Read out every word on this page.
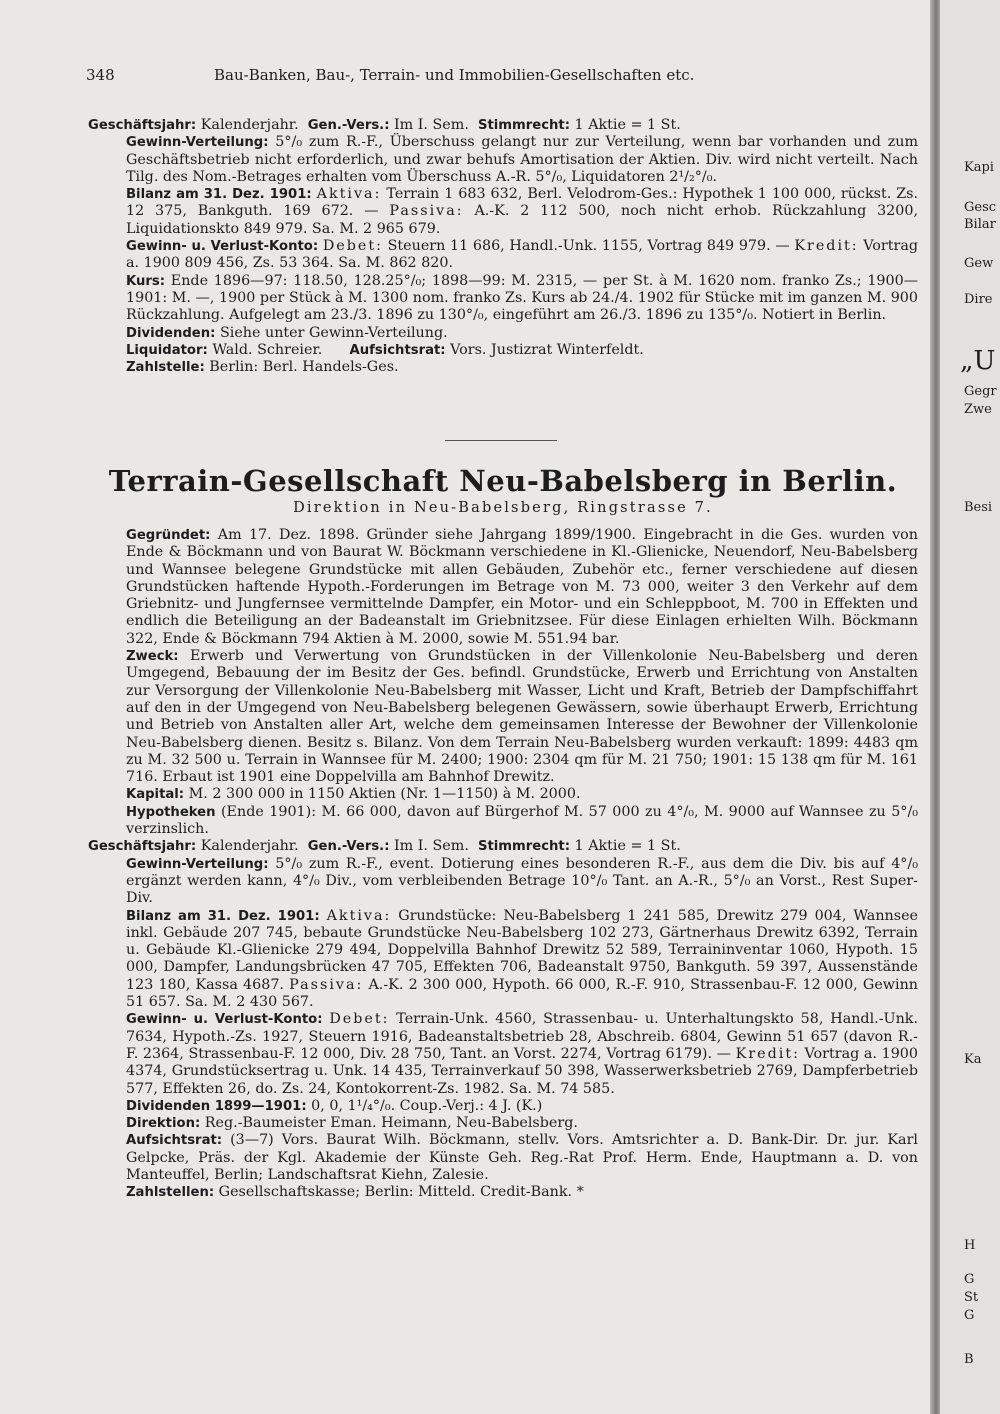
348	Bau-Banken, Bau-, Terrain- und Immobilien-Gesellschaften etc.

Geschäftsjahr: Kalenderjahr. Gen.-Vers.: Im I. Sem. Stimmrecht: 1 Aktie = 1 St.

Gewinn-Verteilung: 5°/₀ zum R.-F., Überschuss gelangt nur zur Verteilung, wenn bar vorhanden und zum Geschäftsbetrieb nicht erforderlich, und zwar behufs Amortisation der Aktien. Div. wird nicht verteilt. Nach Tilg. des Nom.-Betrages erhalten vom Überschuss A.-R. 5°/₀, Liquidatoren 2¹/₂°/₀.

Bilanz am 31. Dez. 1901: Aktiva: Terrain 1 683 632, Berl. Velodrom-Ges.: Hypothek 1 100 000, rückst. Zs. 12 375, Bankguth. 169 672. — Passiva: A.-K. 2 112 500, noch nicht erhob. Rückzahlung 3200, Liquidationskto 849 979. Sa. M. 2 965 679.

Gewinn- u. Verlust-Konto: Debet: Steuern 11 686, Handl.-Unk. 1155, Vortrag 849 979. — Kredit: Vortrag a. 1900 809 456, Zs. 53 364. Sa. M. 862 820.

Kurs: Ende 1896—97: 118.50, 128.25°/₀; 1898—99: M. 2315, — per St. à M. 1620 nom. franko Zs.; 1900—1901: M. —, 1900 per Stück à M. 1300 nom. franko Zs. Kurs ab 24./4. 1902 für Stücke mit im ganzen M. 900 Rückzahlung. Aufgelegt am 23./3. 1896 zu 130°/₀, eingeführt am 26./3. 1896 zu 135°/₀. Notiert in Berlin.

Dividenden: Siehe unter Gewinn-Verteilung.

Liquidator: Wald. Schreier. Aufsichtsrat: Vors. Justizrat Winterfeldt.

Zahlstelle: Berlin: Berl. Handels-Ges.

Terrain-Gesellschaft Neu-Babelsberg in Berlin.
Direktion in Neu-Babelsberg, Ringstrasse 7.

Gegründet: Am 17. Dez. 1898. Gründer siehe Jahrgang 1899/1900. Eingebracht in die Ges. wurden von Ende & Böckmann und von Baurat W. Böckmann verschiedene in Kl.-Glienicke, Neuendorf, Neu-Babelsberg und Wannsee belegene Grundstücke mit allen Gebäuden, Zubehör etc., ferner verschiedene auf diesen Grundstücken haftende Hypoth.-Forderungen im Betrage von M. 73 000, weiter 3 den Verkehr auf dem Griebnitz- und Jungfernsee vermittelnde Dampfer, ein Motor- und ein Schleppboot, M. 700 in Effekten und endlich die Beteiligung an der Badeanstalt im Griebnitzsee. Für diese Einlagen erhielten Wilh. Böckmann 322, Ende & Böckmann 794 Aktien à M. 2000, sowie M. 551.94 bar.

Zweck: Erwerb und Verwertung von Grundstücken in der Villenkolonie Neu-Babelsberg und deren Umgegend, Bebauung der im Besitz der Ges. befindl. Grundstücke, Erwerb und Errichtung von Anstalten zur Versorgung der Villenkolonie Neu-Babelsberg mit Wasser, Licht und Kraft, Betrieb der Dampfschiffahrt auf den in der Umgegend von Neu-Babelsberg belegenen Gewässern, sowie überhaupt Erwerb, Errichtung und Betrieb von Anstalten aller Art, welche dem gemeinsamen Interesse der Bewohner der Villenkolonie Neu-Babelsberg dienen. Besitz s. Bilanz. Von dem Terrain Neu-Babelsberg wurden verkauft: 1899: 4483 qm zu M. 32 500 u. Terrain in Wannsee für M. 2400; 1900: 2304 qm für M. 21 750; 1901: 15 138 qm für M. 161 716. Erbaut ist 1901 eine Doppelvilla am Bahnhof Drewitz.

Kapital: M. 2 300 000 in 1150 Aktien (Nr. 1—1150) à M. 2000.

Hypotheken (Ende 1901): M. 66 000, davon auf Bürgerhof M. 57 000 zu 4°/₀, M. 9000 auf Wannsee zu 5°/₀ verzinslich.

Geschäftsjahr: Kalenderjahr. Gen.-Vers.: Im I. Sem. Stimmrecht: 1 Aktie = 1 St.

Gewinn-Verteilung: 5°/₀ zum R.-F., event. Dotierung eines besonderen R.-F., aus dem die Div. bis auf 4°/₀ ergänzt werden kann, 4°/₀ Div., vom verbleibenden Betrage 10°/₀ Tant. an A.-R., 5°/₀ an Vorst., Rest Super-Div.

Bilanz am 31. Dez. 1901: Aktiva: Grundstücke: Neu-Babelsberg 1 241 585, Drewitz 279 004, Wannsee inkl. Gebäude 207 745, bebaute Grundstücke Neu-Babelsberg 102 273, Gärtnerhaus Drewitz 6392, Terrain u. Gebäude Kl.-Glienicke 279 494, Doppelvilla Bahnhof Drewitz 52 589, Terraininventar 1060, Hypoth. 15 000, Dampfer, Landungsbrücken 47 705, Effekten 706, Badeanstalt 9750, Bankguth. 59 397, Aussenstände 123 180, Kassa 4687. Passiva: A.-K. 2 300 000, Hypoth. 66 000, R.-F. 910, Strassenbau-F. 12 000, Gewinn 51 657. Sa. M. 2 430 567.

Gewinn- u. Verlust-Konto: Debet: Terrain-Unk. 4560, Strassenbau- u. Unterhaltungskto 58, Handl.-Unk. 7634, Hypoth.-Zs. 1927, Steuern 1916, Badeanstaltsbetrieb 28, Abschreib. 6804, Gewinn 51 657 (davon R.-F. 2364, Strassenbau-F. 12 000, Div. 28 750, Tant. an Vorst. 2274, Vortrag 6179). — Kredit: Vortrag a. 1900 4374, Grundstücksertrag u. Unk. 14 435, Terrainverkauf 50 398, Wasserwerksbetrieb 2769, Dampferbetrieb 577, Effekten 26, do. Zs. 24, Kontokorrent-Zs. 1982. Sa. M. 74 585.

Dividenden 1899—1901: 0, 0, 1¹/₄°/₀. Coup.-Verj.: 4 J. (K.)

Direktion: Reg.-Baumeister Eman. Heimann, Neu-Babelsberg.

Aufsichtsrat: (3—7) Vors. Baurat Wilh. Böckmann, stellv. Vors. Amtsrichter a. D. Bank-Dir. Dr. jur. Karl Gelpcke, Präs. der Kgl. Akademie der Künste Geh. Reg.-Rat Prof. Herm. Ende, Hauptmann a. D. von Manteuffel, Berlin; Landschaftsrat Kiehn, Zalesie.

Zahlstellen: Gesellschaftskasse; Berlin: Mitteld. Credit-Bank. *

Kapi
Gesc
Bilar
Gew
Dire
„U
Gegr
Zwe
Besi
Ka
H
G
St
G
B
